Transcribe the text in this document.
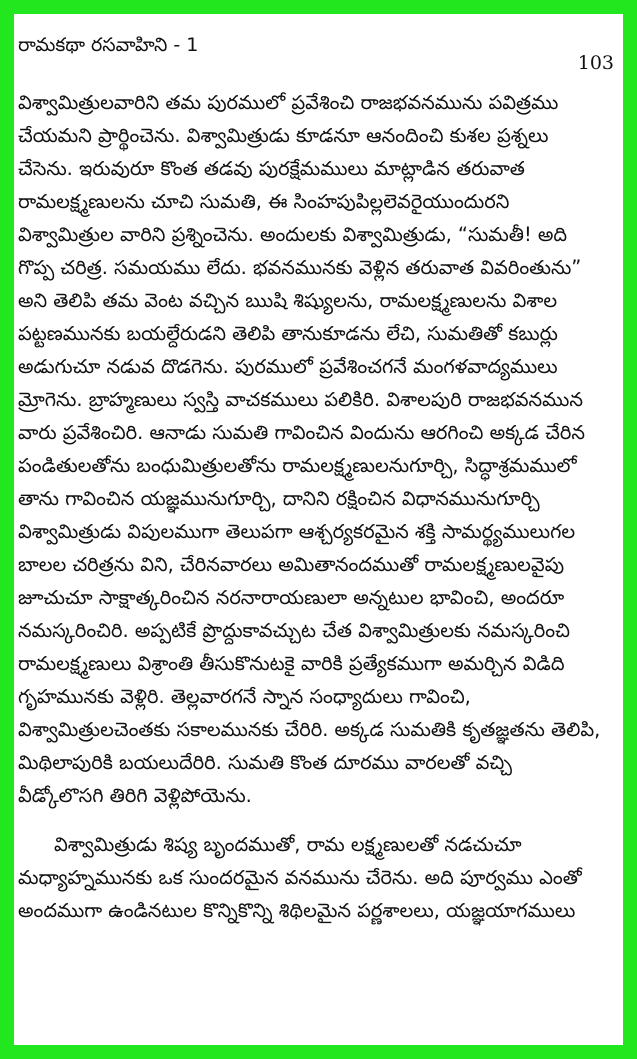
రామకథా రసవాహిని - 1
103
విశ్వామిత్రులవారిని తమ పురములో ప్రవేశించి రాజభవనమును పవిత్రము
చేయమని ప్రార్థించెను. విశ్వామిత్రుడు కూడనూ ఆనందించి కుశల ప్రశ్నలు
చేసెను. ఇరువురూ కొంత తడవు పురక్షేమములు మాట్లాడిన తరువాత
రామలక్ష్మణులను చూచి సుమతి, ఈ సింహపుపిల్లలెవరైయుందురని
విశ్వామిత్రుల వారిని ప్రశ్నించెను. అందులకు విశ్వామిత్రుడు, “సుమతీ! అది
గొప్ప చరిత్ర. సమయము లేదు. భవనమునకు వెళ్లిన తరువాత వివరింతును”
అని తెలిపి తమ వెంట వచ్చిన ఋషి శిష్యులను, రామలక్ష్మణులను విశాల
పట్టణమునకు బయల్దేరుడని తెలిపి తానుకూడను లేచి, సుమతితో కబుర్లు
అడుగుచూ నడువ దొడగెను. పురములో ప్రవేశించగనే మంగళవాద్యములు
మ్రోగెను. బ్రాహ్మణులు స్వస్తి వాచకములు పలికిరి. విశాలపురి రాజభవనమున
వారు ప్రవేశించిరి. ఆనాడు సుమతి గావించిన విందును ఆరగించి అక్కడ చేరిన
పండితులతోను బంధుమిత్రులతోను రామలక్ష్మణులనుగూర్చి, సిద్ధాశ్రమములో
తాను గావించిన యజ్ఞమునుగూర్చి, దానిని రక్షించిన విధానమునుగూర్చి
విశ్వామిత్రుడు విపులముగా తెలుపగా ఆశ్చర్యకరమైన శక్తి సామర్థ్యములుగల
బాలల చరిత్రను విని, చేరినవారలు అమితానందముతో రామలక్ష్మణులవైపు
జూచుచూ సాక్షాత్కరించిన నరనారాయణులా అన్నటుల భావించి, అందరూ
నమస్కరించిరి. అప్పటికే ప్రొద్దుకావచ్చుట చేత విశ్వామిత్రులకు నమస్కరించి
రామలక్ష్మణులు విశ్రాంతి తీసుకొనుటకై వారికి ప్రత్యేకముగా అమర్చిన విడిది
గృహమునకు వెళ్లిరి. తెల్లవారగనే స్నాన సంధ్యాదులు గావించి,
విశ్వామిత్రులచెంతకు సకాలమునకు చేరిరి. అక్కడ సుమతికి కృతజ్ఞతను తెలిపి,
మిథిలాపురికి బయలుదేరిరి. సుమతి కొంత దూరము వారలతో వచ్చి
వీడ్కోలొసగి తిరిగి వెళ్లిపోయెను.
విశ్వామిత్రుడు శిష్య బృందముతో, రామ లక్ష్మణులతో నడచుచూ
మధ్యాహ్నమునకు ఒక సుందరమైన వనమును చేరెను. అది పూర్వము ఎంతో
అందముగా ఉండినటుల కొన్నికొన్ని శిథిలమైన పర్ణశాలలు, యజ్ఞయాగములు
